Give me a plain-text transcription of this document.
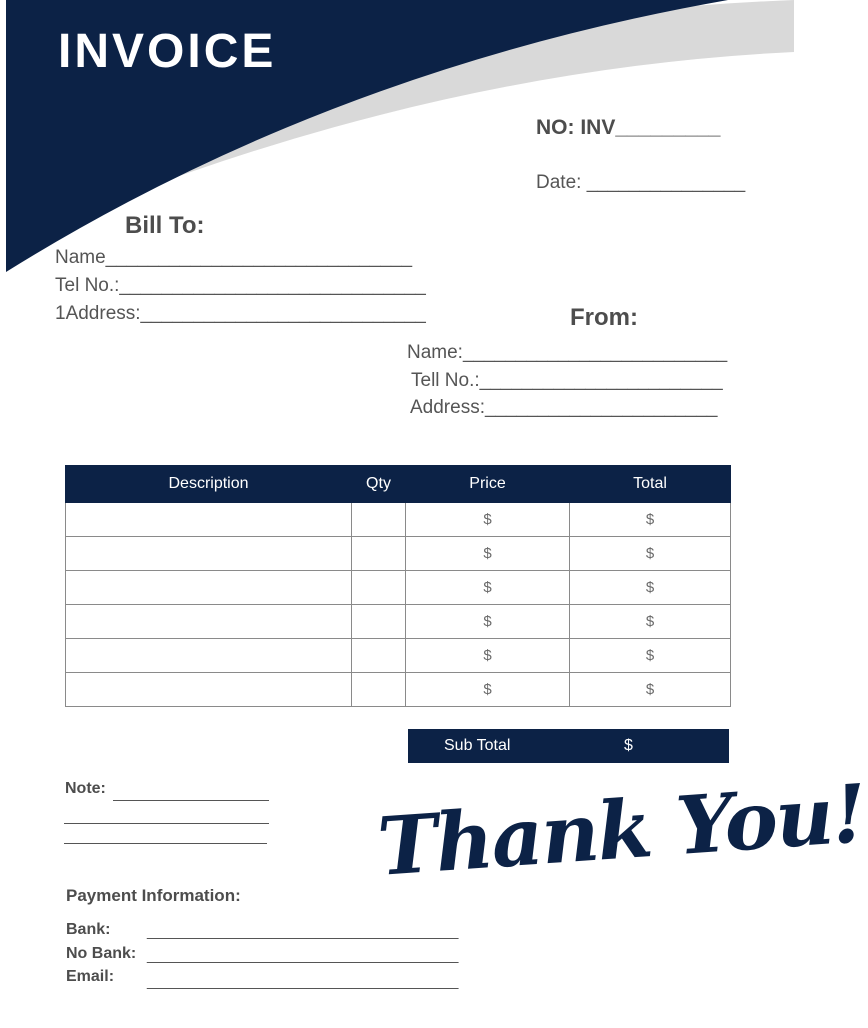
INVOICE
NO: INV_________
Date: _______________
Bill To:
Name_____________________________
Tel No.:_____________________________
1Address:___________________________	From:
Name:_________________________
Tell No.:_______________________
Address:______________________
Description	Qty	Price	Total
		$	$
		$	$
		$	$
		$	$
		$	$
		$	$
Sub Total	$
Note:
Payment Information:
Bank: ___________________________________
No Bank: ___________________________________
Email: ___________________________________
Thank You!
